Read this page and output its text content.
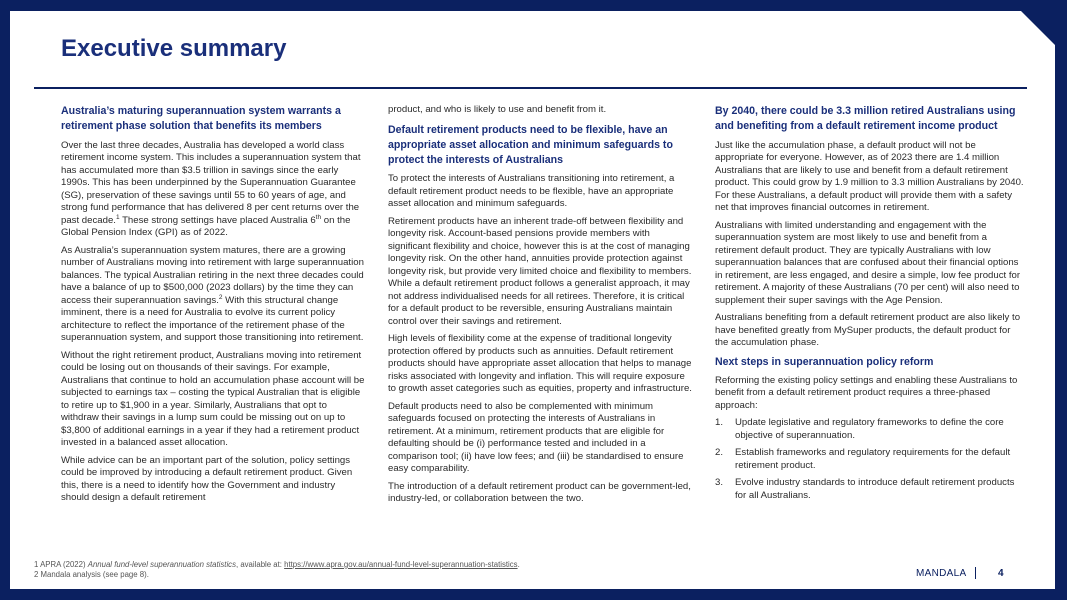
Executive summary
Australia’s maturing superannuation system warrants a retirement phase solution that benefits its members

Over the last three decades, Australia has developed a world class retirement income system. This includes a superannuation system that has accumulated more than $3.5 trillion in savings since the early 1990s. This has been underpinned by the Superannuation Guarantee (SG), preservation of these savings until 55 to 60 years of age, and strong fund performance that has delivered 8 per cent returns over the past decade.$^1$ These strong settings have placed Australia 6th on the Global Pension Index (GPI) as of 2022.

As Australia’s superannuation system matures, there are a growing number of Australians moving into retirement with large superannuation balances. The typical Australian retiring in the next three decades could have a balance of up to $500,000 (2023 dollars) by the time they can access their superannuation savings.$^2$ With this structural change imminent, there is a need for Australia to evolve its current policy architecture to reflect the importance of the retirement phase of the superannuation system, and support those transitioning into retirement.

Without the right retirement product, Australians moving into retirement could be losing out on thousands of their savings. For example, Australians that continue to hold an accumulation phase account will be subjected to earnings tax – costing the typical Australian that is eligible to retire up to $1,900 in a year. Similarly, Australians that opt to withdraw their savings in a lump sum could be missing out on up to $3,800 of additional earnings in a year if they had a retirement product invested in a balanced asset allocation.

While advice can be an important part of the solution, policy settings could be improved by introducing a default retirement product. Given this, there is a need to identify how the Government and industry should design a default retirement

product, and who is likely to use and benefit from it.

Default retirement products need to be flexible, have an appropriate asset allocation and minimum safeguards to protect the interests of Australians

To protect the interests of Australians transitioning into retirement, a default retirement product needs to be flexible, have an appropriate asset allocation and minimum safeguards.

Retirement products have an inherent trade-off between flexibility and longevity risk. Account-based pensions provide members with significant flexibility and choice, however this is at the cost of managing longevity risk. On the other hand, annuities provide protection against longevity risk, but provide very limited choice and flexibility to members. While a default retirement product follows a generalist approach, it may not address individualised needs for all retirees. Therefore, it is critical for a default product to be reversible, ensuring Australians maintain control over their savings and retirement.

High levels of flexibility come at the expense of traditional longevity protection offered by products such as annuities. Default retirement products should have appropriate asset allocation that helps to manage risks associated with longevity and inflation. This will require exposure to growth asset categories such as equities, property and infrastructure.

Default products need to also be complemented with minimum safeguards focused on protecting the interests of Australians in retirement. At a minimum, retirement products that are eligible for defaulting should be (i) performance tested and included in a comparison tool; (ii) have low fees; and (iii) be standardised to ensure easy comparability.

The introduction of a default retirement product can be government-led, industry-led, or collaboration between the two.

By 2040, there could be 3.3 million retired Australians using and benefiting from a default retirement income product

Just like the accumulation phase, a default product will not be appropriate for everyone. However, as of 2023 there are 1.4 million Australians that are likely to use and benefit from a default retirement product. This could grow by 1.9 million to 3.3 million Australians by 2040. For these Australians, a default product will provide them with a safety net that improves financial outcomes in retirement.

Australians with limited understanding and engagement with the superannuation system are most likely to use and benefit from a retirement default product. They are typically Australians with low superannuation balances that are confused about their financial options in retirement, are less engaged, and desire a simple, low fee product for retirement. A majority of these Australians (70 per cent) will also need to supplement their super savings with the Age Pension.

Australians benefiting from a default retirement product are also likely to have benefited greatly from MySuper products, the default product for the accumulation phase.

Next steps in superannuation policy reform

Reforming the existing policy settings and enabling these Australians to benefit from a default retirement product requires a three-phased approach:

1. Update legislative and regulatory frameworks to define the core objective of superannuation.
2. Establish frameworks and regulatory requirements for the default retirement product.
3. Evolve industry standards to introduce default retirement products for all Australians.
1 APRA (2022) Annual fund-level superannuation statistics, available at: https://www.apra.gov.au/annual-fund-level-superannuation-statistics.
2 Mandala analysis (see page 8).	MANDALA	4
